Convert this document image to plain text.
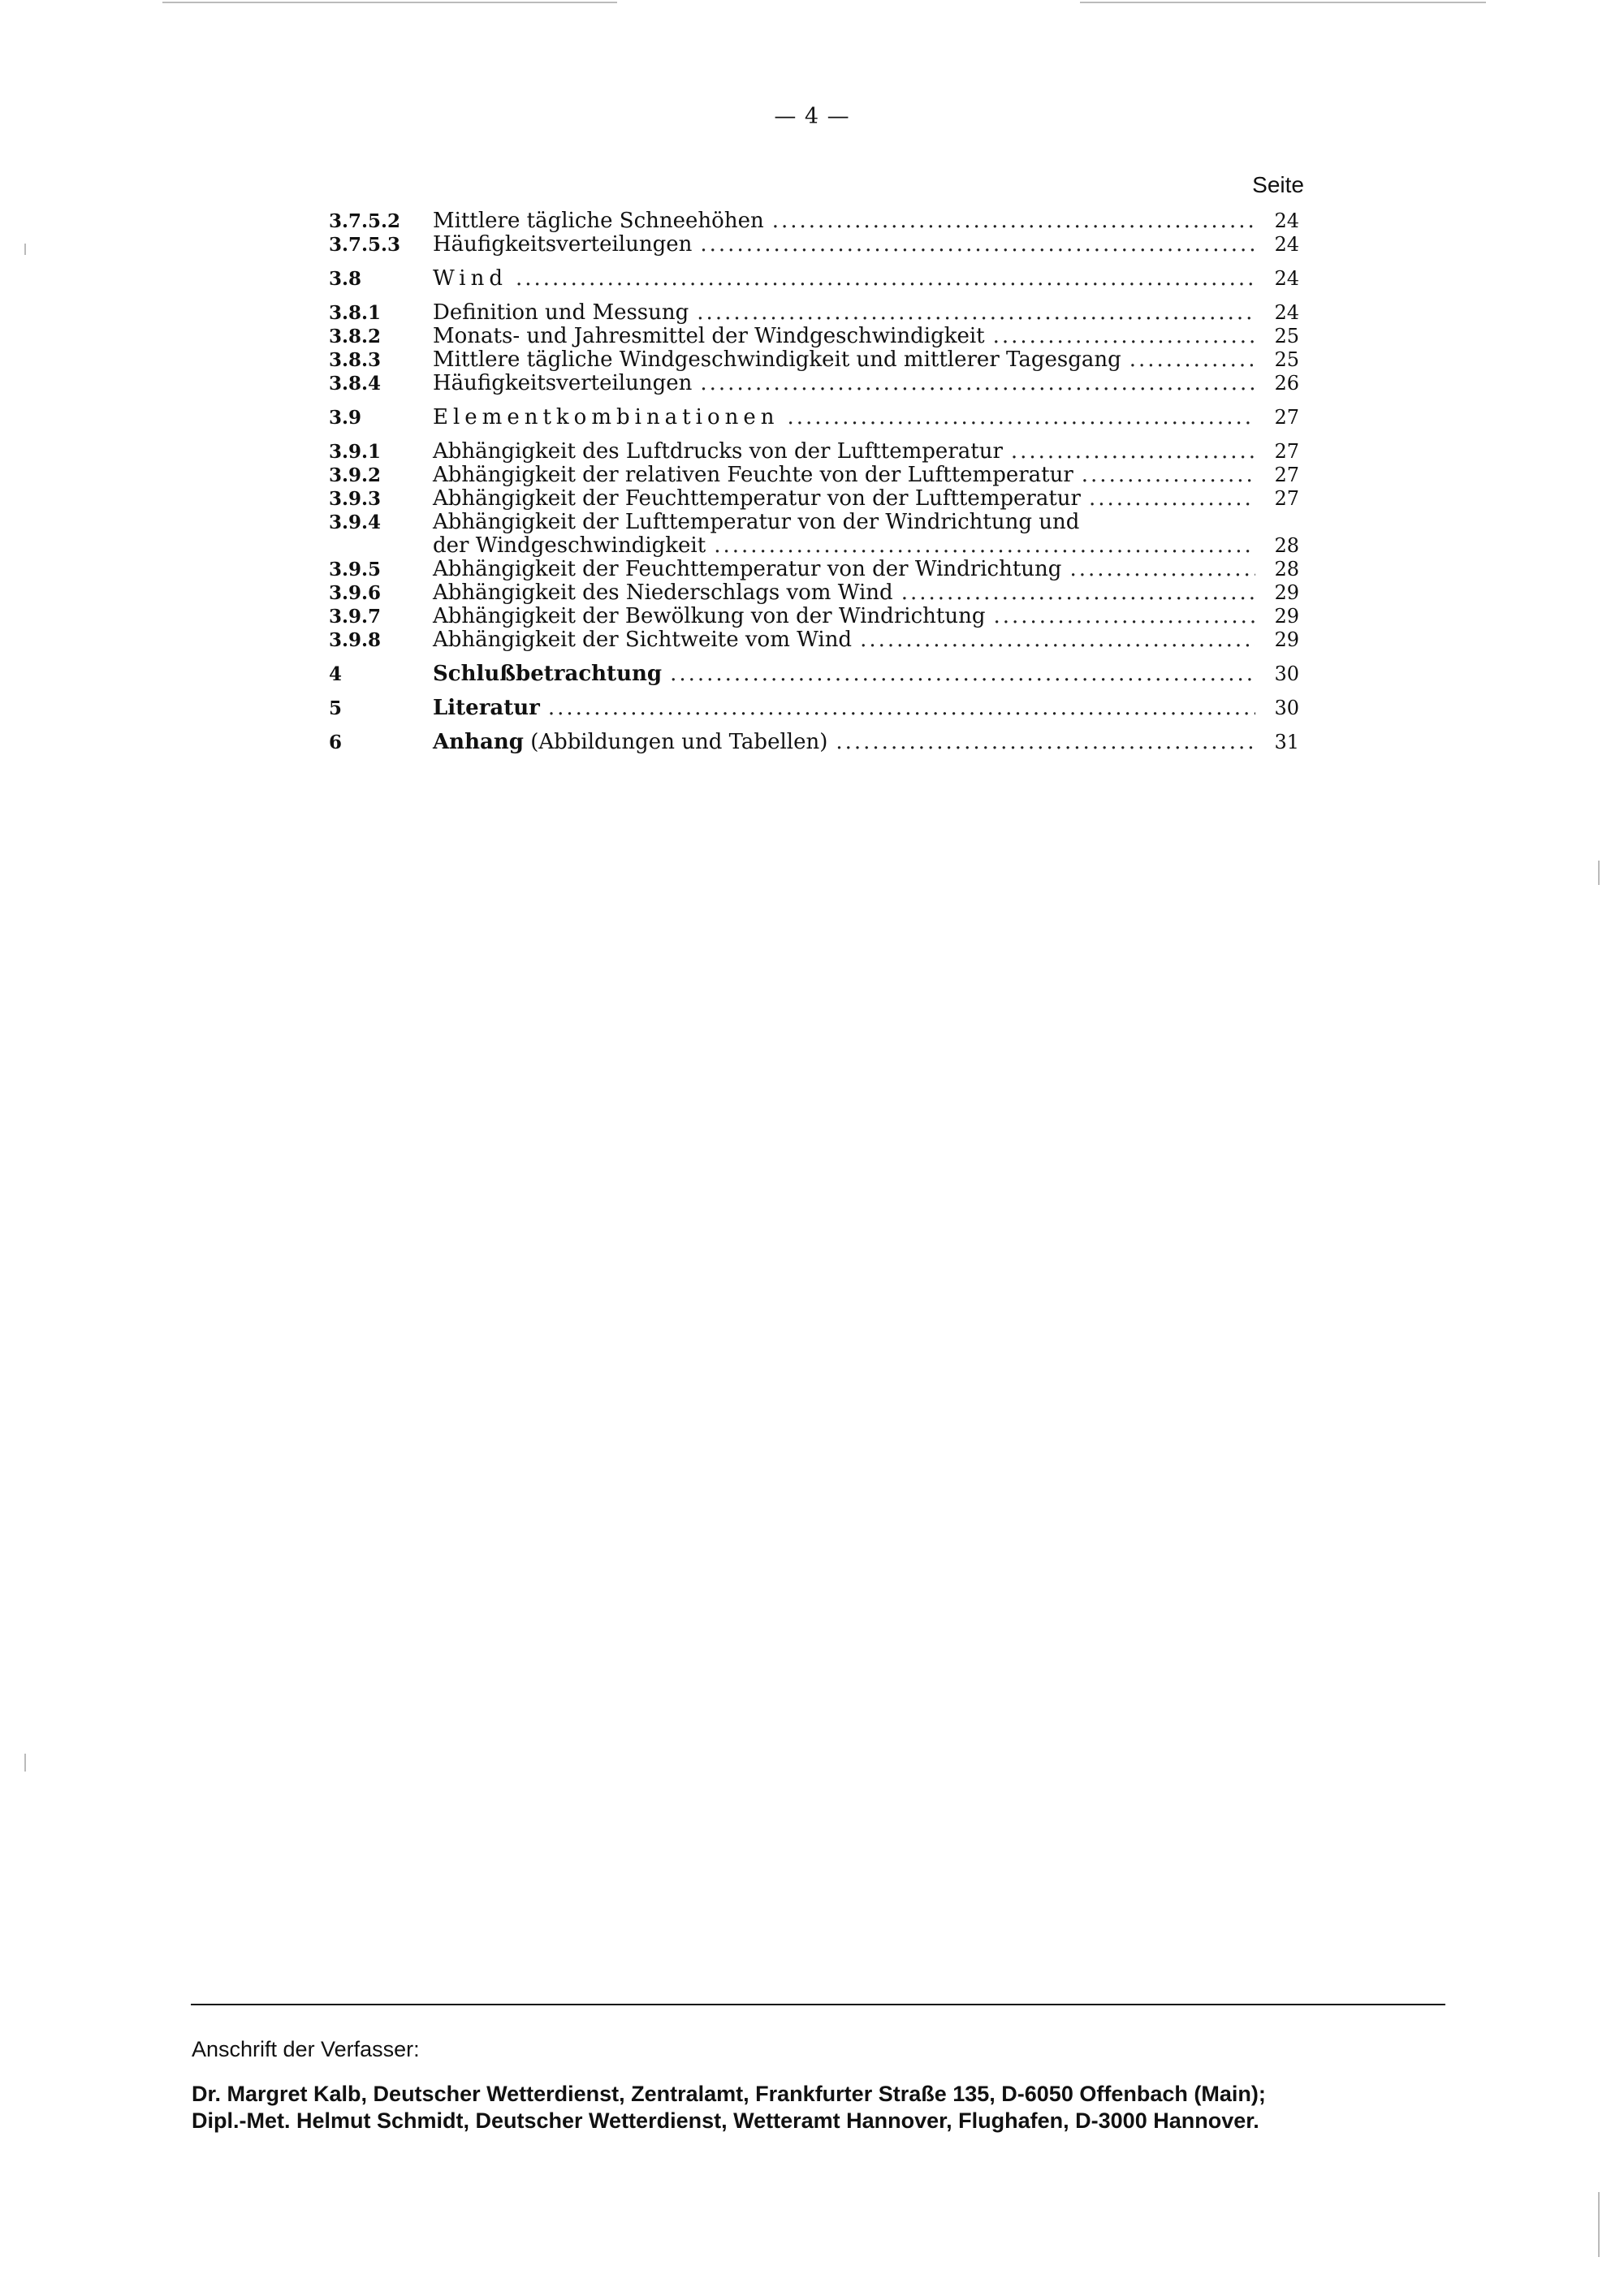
— 4 —
Seite
3.7.5.2 Mittlere tägliche Schneehöhen .....	24
3.7.5.3 Häufigkeitsverteilungen .....	24
3.8	Wind .....	24
3.8.1 Definition und Messung .....	24
3.8.2 Monats- und Jahresmittel der Windgeschwindigkeit .....	25
3.8.3 Mittlere tägliche Windgeschwindigkeit und mittlerer Tagesgang .....	25
3.8.4 Häufigkeitsverteilungen .....	26
3.9	Elementkombinationen .....	27
3.9.1 Abhängigkeit des Luftdrucks von der Lufttemperatur .....	27
3.9.2 Abhängigkeit der relativen Feuchte von der Lufttemperatur .....	27
3.9.3 Abhängigkeit der Feuchttemperatur von der Lufttemperatur .....	27
3.9.4 Abhängigkeit der Lufttemperatur von der Windrichtung und
der Windgeschwindigkeit .....	28
3.9.5 Abhängigkeit der Feuchttemperatur von der Windrichtung .....	28
3.9.6 Abhängigkeit des Niederschlags vom Wind .....	29
3.9.7 Abhängigkeit der Bewölkung von der Windrichtung .....	29
3.9.8 Abhängigkeit der Sichtweite vom Wind .....	29
4	Schlußbetrachtung .....	30
5	Literatur .....	30
6	Anhang (Abbildungen und Tabellen) .....	31
Anschrift der Verfasser:
Dr. Margret Kalb, Deutscher Wetterdienst, Zentralamt, Frankfurter Straße 135, D-6050 Offenbach (Main);
Dipl.-Met. Helmut Schmidt, Deutscher Wetterdienst, Wetteramt Hannover, Flughafen, D-3000 Hannover.
